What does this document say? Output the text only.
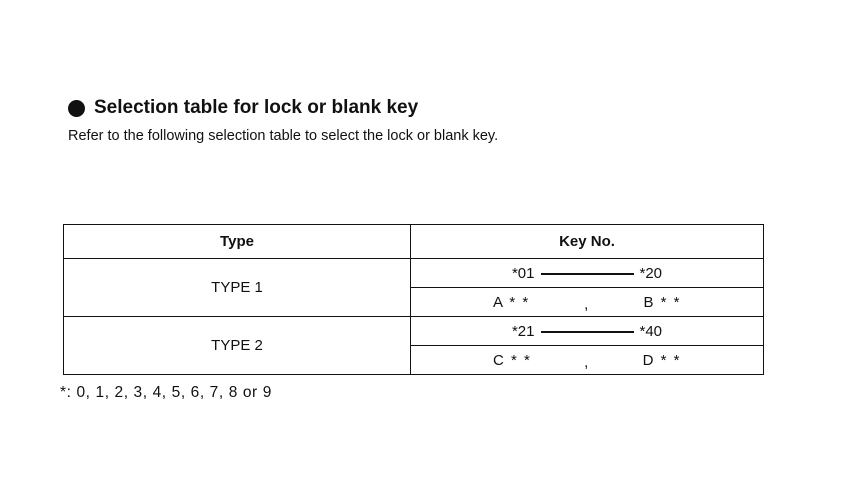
Selection table for lock or blank key
Refer to the following selection table to select the lock or blank key.
Type	Key No.
TYPE 1	*01 *20

	A * * , B * *

TYPE 2	*21 *40

	C * * , D * *
*: 0, 1, 2, 3, 4, 5, 6, 7, 8 or 9
